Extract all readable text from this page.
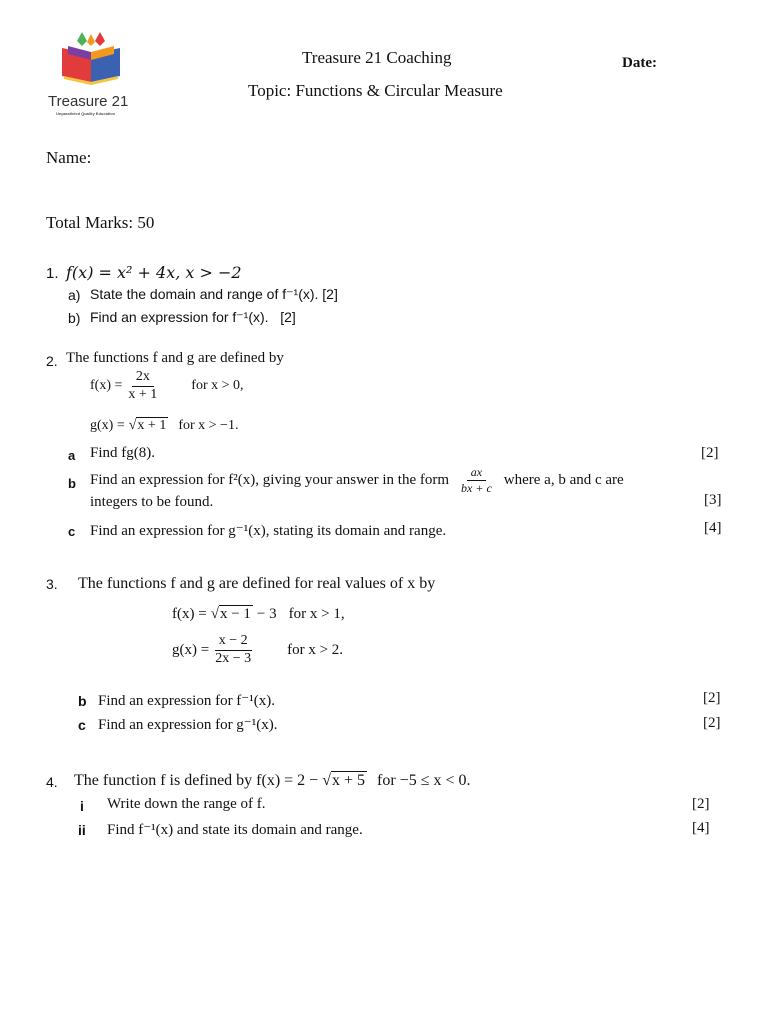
Treasure 21
Unparalleled Quality Education
Treasure 21 Coaching
Topic: Functions & Circular Measure
Date:
Name:
Total Marks: 50
1. f(x) = x² + 4x, x > −2
a) State the domain and range of f⁻¹(x). [2]
b) Find an expression for f⁻¹(x).   [2]
2. The functions f and g are defined by
$f(x) = \frac{2x}{x + 1}$ for x > 0,
g(x) = √x + 1 for x > −1.
a Find fg(8).	[2]
b Find an expression for f²(x), giving your answer in the form $\frac{ax}{bx + c}$ where a, b and c are
integers to be found.	[3]
c Find an expression for g⁻¹(x), stating its domain and range.	[4]
3. The functions f and g are defined for real values of x by
f(x) = √x − 1 − 3 for x > 1,
$g(x) = \frac{x - 2}{2x - 3}$ for x > 2.
b Find an expression for f⁻¹(x).	[2]
c Find an expression for g⁻¹(x).	[2]
4. The function f is defined by f(x) = 2 − √x + 5 for −5 ≤ x < 0.
i Write down the range of f.	[2]
ii Find f⁻¹(x) and state its domain and range.	[4]
